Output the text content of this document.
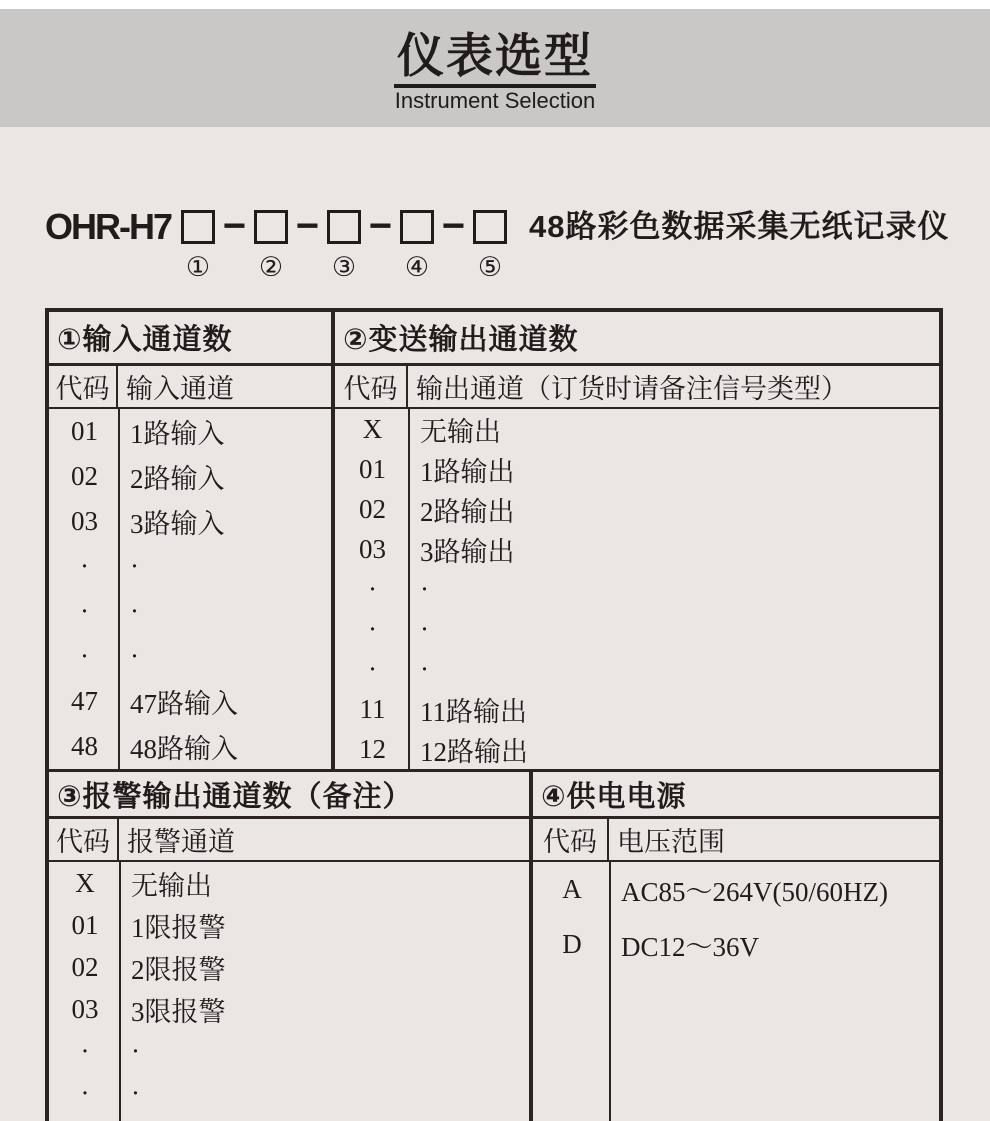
仪表选型
Instrument Selection
OHR-H7
①
−
②
−
③
−
④
−
⑤
48路彩色数据采集无纸记录仪
①输入通道数
代码 输入通道
01	1路输入
02	2路输入
03	3路输入
·	·
·	·
·	·
47	47路输入
48	48路输入
②变送输出通道数
代码 输出通道（订货时请备注信号类型）
X	无输出
01	1路输出
02	2路输出
03	3路输出
·	·
·	·
·	·
11	11路输出
12	12路输出
③报警输出通道数（备注）
代码 报警通道
X	无输出
01	1限报警
02	2限报警
03	3限报警
·	·
·	·
④供电电源
代码 电压范围
A	AC85～264V(50/60HZ)
D	DC12～36V
